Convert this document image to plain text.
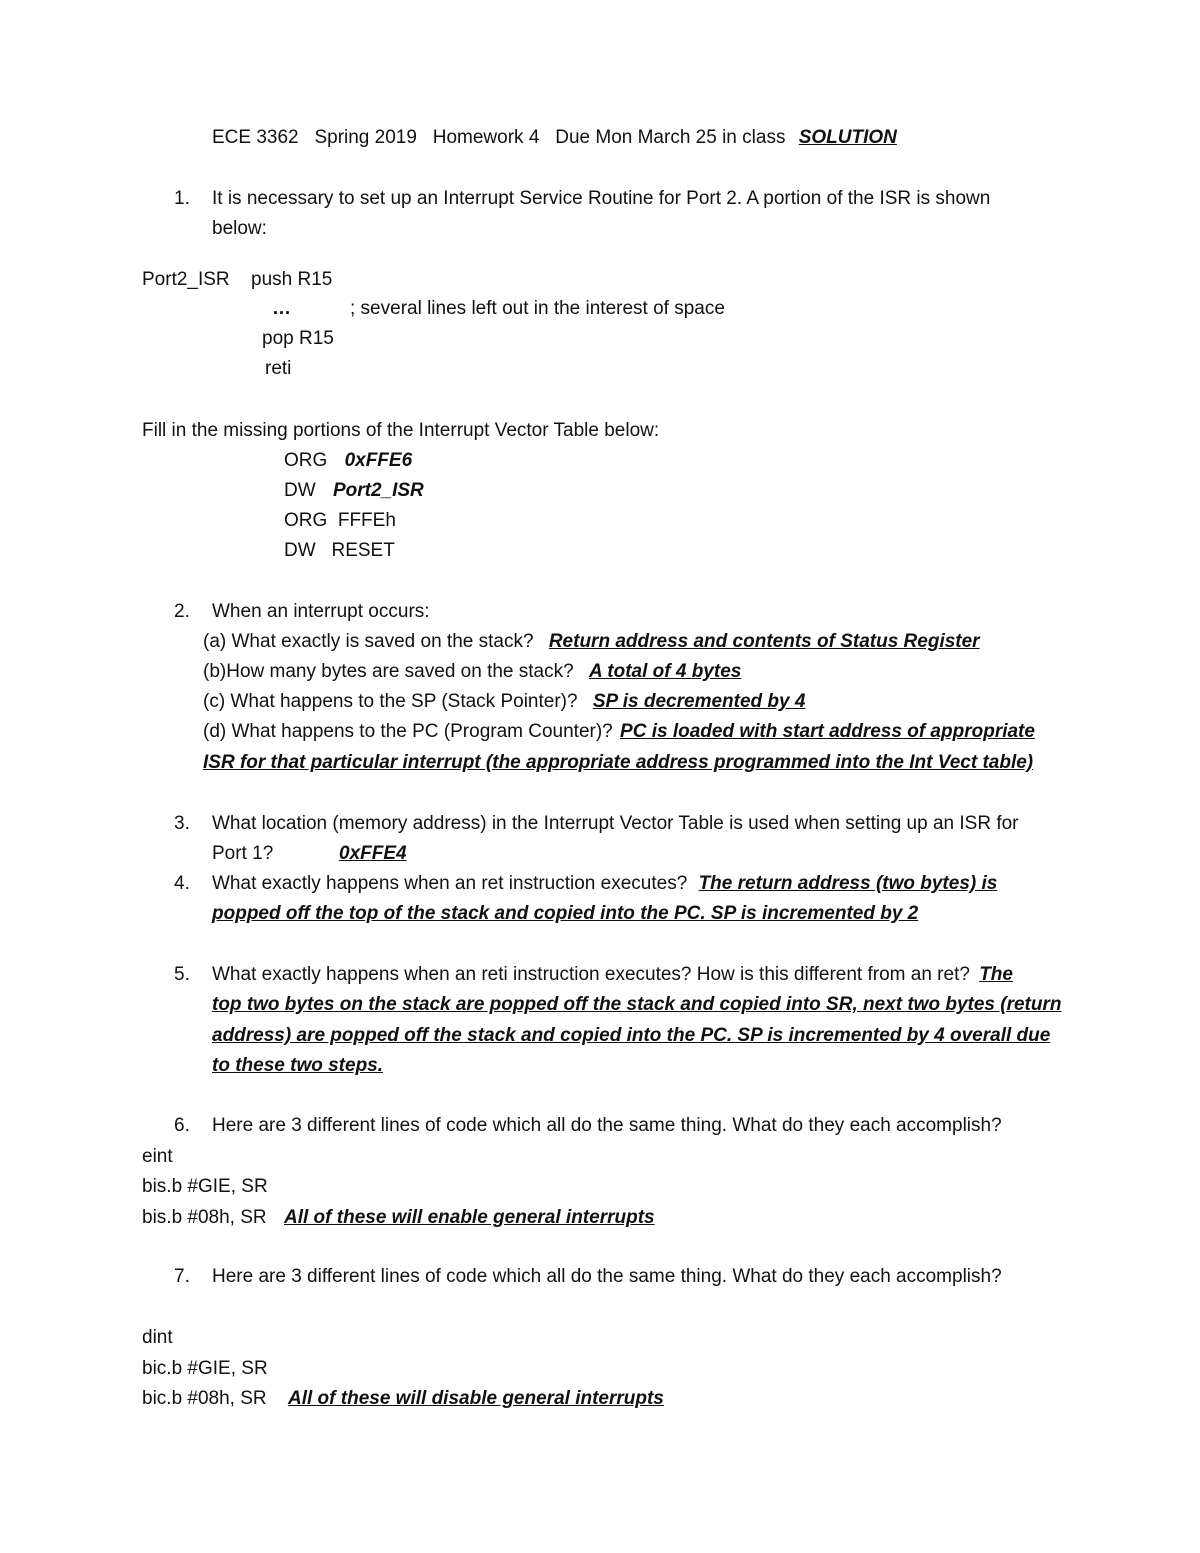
ECE 3362   Spring 2019   Homework 4   Due Mon March 25 in class SOLUTION
1. It is necessary to set up an Interrupt Service Routine for Port 2. A portion of the ISR is shown
below:
Port2_ISR push R15
…	; several lines left out in the interest of space
pop R15
reti
Fill in the missing portions of the Interrupt Vector Table below:
ORG 0xFFE6
DW Port2_ISR
ORG  FFFEh
DW   RESET
2. When an interrupt occurs:
(a) What exactly is saved on the stack? Return address and contents of Status Register
(b)How many bytes are saved on the stack? A total of 4 bytes
(c) What happens to the SP (Stack Pointer)? SP is decremented by 4
(d) What happens to the PC (Program Counter)? PC is loaded with start address of appropriate
ISR for that particular interrupt (the appropriate address programmed into the Int Vect table)
3. What location (memory address) in the Interrupt Vector Table is used when setting up an ISR for
Port 1?	0xFFE4
4. What exactly happens when an ret instruction executes? The return address (two bytes) is
popped off the top of the stack and copied into the PC. SP is incremented by 2
5. What exactly happens when an reti instruction executes? How is this different from an ret? The
top two bytes on the stack are popped off the stack and copied into SR, next two bytes (return
address) are popped off the stack and copied into the PC. SP is incremented by 4 overall due
to these two steps.
6. Here are 3 different lines of code which all do the same thing. What do they each accomplish?
eint
bis.b #GIE, SR
bis.b #08h, SR All of these will enable general interrupts
7. Here are 3 different lines of code which all do the same thing. What do they each accomplish?
dint
bic.b #GIE, SR
bic.b #08h, SR All of these will disable general interrupts
